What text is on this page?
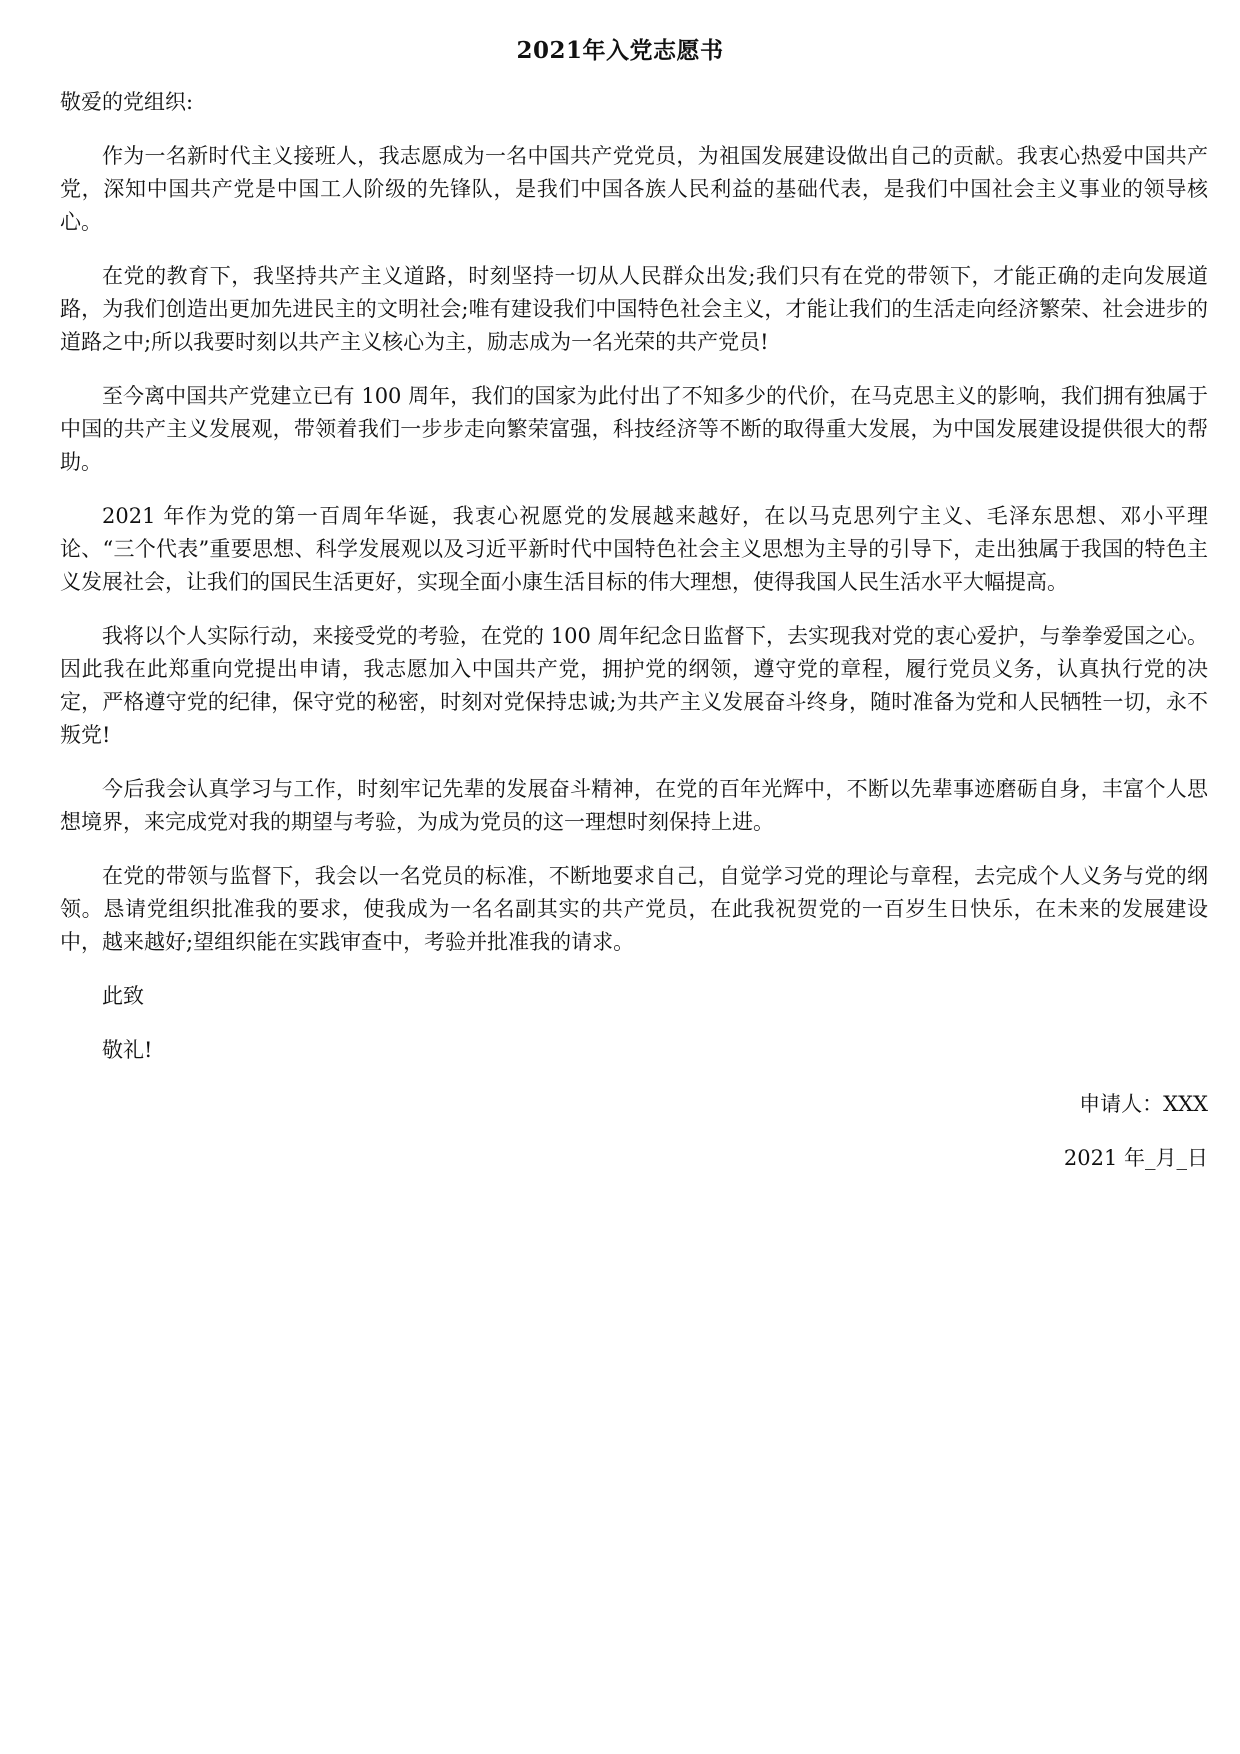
2021年入党志愿书

敬爱的党组织:

作为一名新时代主义接班人，我志愿成为一名中国共产党党员，为祖国发展建设做出自己的贡献。我衷心热爱中国共产党，深知中国共产党是中国工人阶级的先锋队，是我们中国各族人民利益的基础代表，是我们中国社会主义事业的领导核心。

在党的教育下，我坚持共产主义道路，时刻坚持一切从人民群众出发;我们只有在党的带领下，才能正确的走向发展道路，为我们创造出更加先进民主的文明社会;唯有建设我们中国特色社会主义，才能让我们的生活走向经济繁荣、社会进步的道路之中;所以我要时刻以共产主义核心为主，励志成为一名光荣的共产党员!

至今离中国共产党建立已有 100 周年，我们的国家为此付出了不知多少的代价，在马克思主义的影响，我们拥有独属于中国的共产主义发展观，带领着我们一步步走向繁荣富强，科技经济等不断的取得重大发展，为中国发展建设提供很大的帮助。

2021 年作为党的第一百周年华诞，我衷心祝愿党的发展越来越好，在以马克思列宁主义、毛泽东思想、邓小平理论、“三个代表”重要思想、科学发展观以及习近平新时代中国特色社会主义思想为主导的引导下，走出独属于我国的特色主义发展社会，让我们的国民生活更好，实现全面小康生活目标的伟大理想，使得我国人民生活水平大幅提高。

我将以个人实际行动，来接受党的考验，在党的 100 周年纪念日监督下，去实现我对党的衷心爱护，与拳拳爱国之心。因此我在此郑重向党提出申请，我志愿加入中国共产党，拥护党的纲领，遵守党的章程，履行党员义务，认真执行党的决定，严格遵守党的纪律，保守党的秘密，时刻对党保持忠诚;为共产主义发展奋斗终身，随时准备为党和人民牺牲一切，永不叛党!

今后我会认真学习与工作，时刻牢记先辈的发展奋斗精神，在党的百年光辉中，不断以先辈事迹磨砺自身，丰富个人思想境界，来完成党对我的期望与考验，为成为党员的这一理想时刻保持上进。

在党的带领与监督下，我会以一名党员的标准，不断地要求自己，自觉学习党的理论与章程，去完成个人义务与党的纲领。恳请党组织批准我的要求，使我成为一名名副其实的共产党员，在此我祝贺党的一百岁生日快乐，在未来的发展建设中，越来越好;望组织能在实践审查中，考验并批准我的请求。

此致

敬礼!

申请人：XXX

2021 年_月_日
